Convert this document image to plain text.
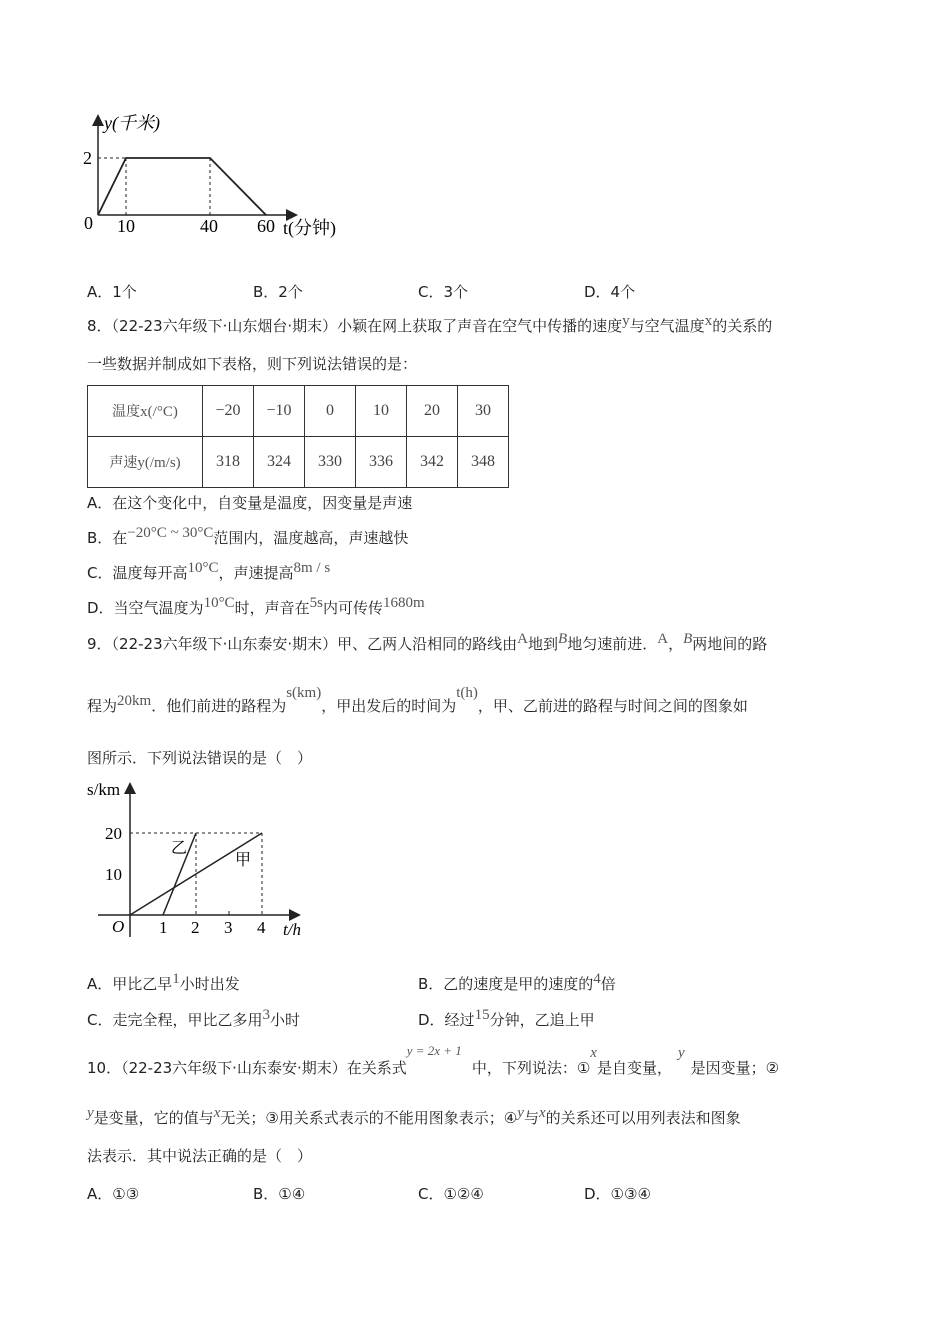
y(千米)
2
0 10	40 60 t(分钟)
A．1个	B．2个	C．3个	D．4个
8．（22-23六年级下·山东烟台·期末）小颖在网上获取了声音在空气中传播的速度y与空气温度x的关系的
一些数据并制成如下表格，则下列说法错误的是：
温度x(/°C)	−20	−10	0	10	20	30
声速y(/m/s)	318	324	330	336	342	348
A．在这个变化中，自变量是温度，因变量是声速
B．在−20°C ~ 30°C范围内，温度越高，声速越快
C．温度每开高10°C，声速提高8m / s
D．当空气温度为10°C时，声音在5s内可传传1680m
9．（22-23六年级下·山东泰安·期末）甲、乙两人沿相同的路线由A地到B地匀速前进．A，B两地间的路
程为20km．他们前进的路程为s(km)，甲出发后的时间为t(h)，甲、乙前进的路程与时间之间的图象如
图所示．下列说法错误的是（　）
s/km
10
20
O 1 2 3 4 t/h
乙
甲
A．甲比乙早1小时出发	B．乙的速度是甲的速度的4倍
C．走完全程，甲比乙多用3小时	D．经过15分钟，乙追上甲
10．（22-23六年级下·山东泰安·期末）在关系式y = 2x + 1中，下列说法：①x是自变量，y是因变量；②
y是变量，它的值与x无关；③用关系式表示的不能用图象表示；④y与x的关系还可以用列表法和图象
法表示．其中说法正确的是（　）
A．①③	B．①④	C．①②④	D．①③④
